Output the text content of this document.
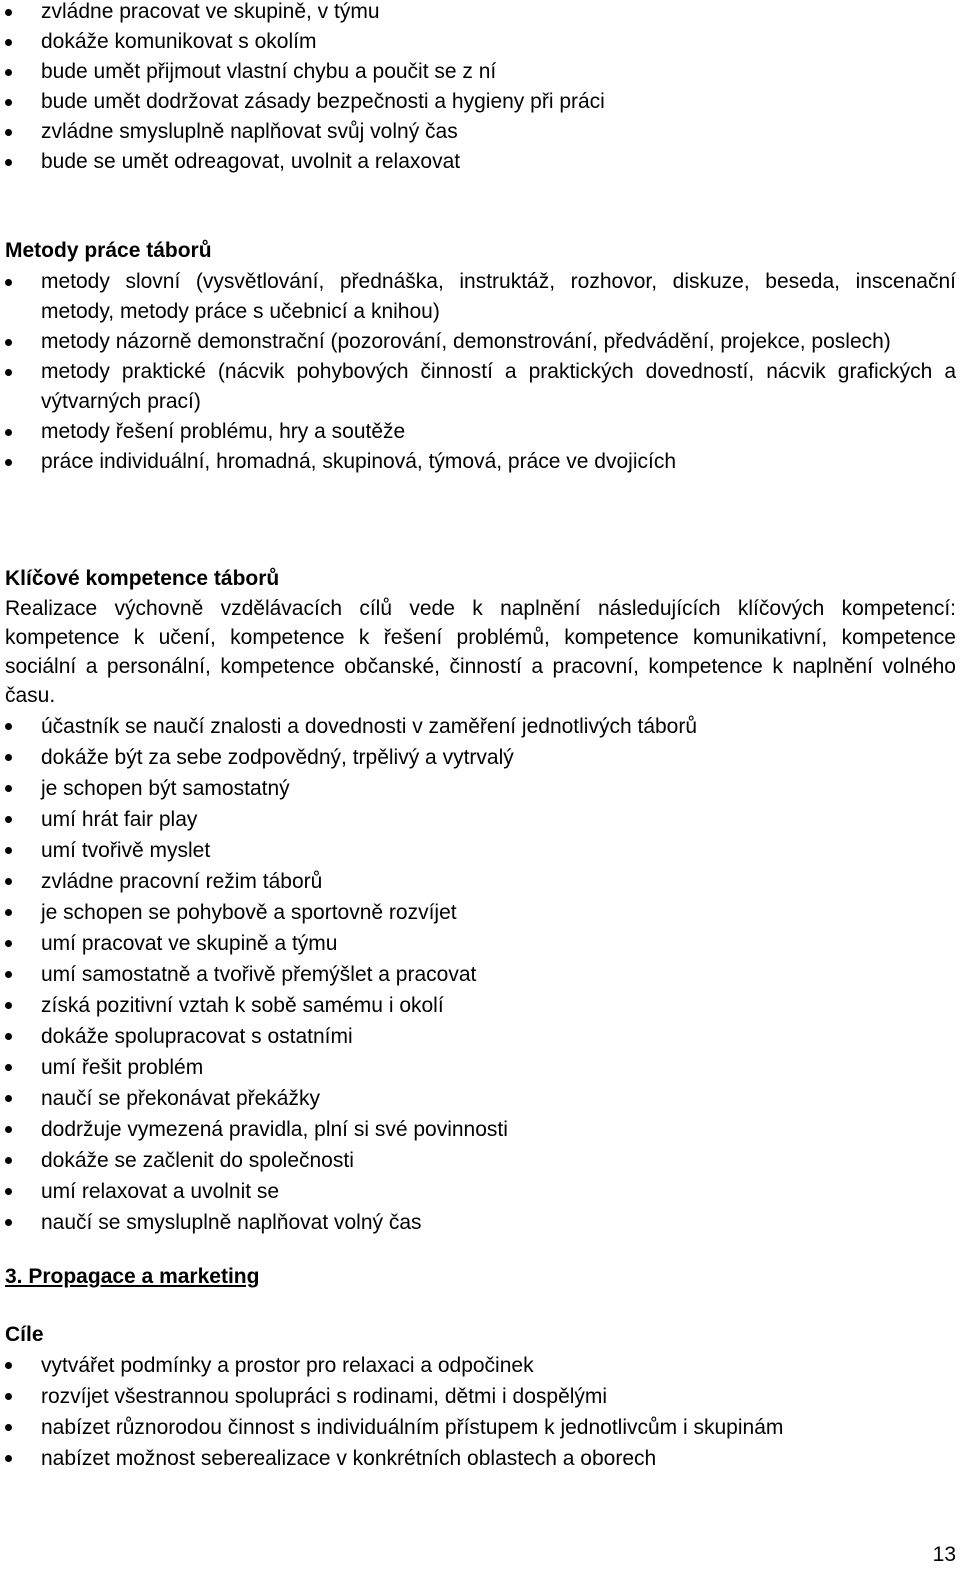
zvládne pracovat ve skupině, v týmu
dokáže komunikovat s okolím
bude umět přijmout vlastní chybu a poučit se z ní
bude umět dodržovat zásady bezpečnosti a hygieny při práci
zvládne smysluplně naplňovat svůj volný čas
bude se umět odreagovat, uvolnit a relaxovat
Metody práce táborů
metody slovní (vysvětlování, přednáška, instruktáž, rozhovor, diskuze, beseda, inscenační metody, metody práce s učebnicí a knihou)
metody názorně demonstrační (pozorování, demonstrování, předvádění, projekce, poslech)
metody praktické (nácvik pohybových činností a praktických dovedností, nácvik grafických a výtvarných prací)
metody řešení problému, hry a soutěže
práce individuální, hromadná, skupinová, týmová, práce ve dvojicích
Klíčové kompetence táborů

Realizace výchovně vzdělávacích cílů vede k naplnění následujících klíčových kompetencí: kompetence k učení, kompetence k řešení problémů, kompetence komunikativní, kompetence sociální a personální, kompetence občanské, činností a pracovní, kompetence k naplnění volného času.

účastník se naučí znalosti a dovednosti v zaměření jednotlivých táborů
dokáže být za sebe zodpovědný, trpělivý a vytrvalý
je schopen být samostatný
umí hrát fair play
umí tvořivě myslet
zvládne pracovní režim táborů
je schopen se pohybově a sportovně rozvíjet
umí pracovat ve skupině a týmu
umí samostatně a tvořivě přemýšlet a pracovat
získá pozitivní vztah k sobě samému i okolí
dokáže spolupracovat s ostatními
umí řešit problém
naučí se překonávat překážky
dodržuje vymezená pravidla, plní si své povinnosti
dokáže se začlenit do společnosti
umí relaxovat a uvolnit se
naučí se smysluplně naplňovat volný čas
3. Propagace a marketing
Cíle
vytvářet podmínky a prostor pro relaxaci a odpočinek
rozvíjet všestrannou spolupráci s rodinami, dětmi i dospělými
nabízet různorodou činnost s individuálním přístupem k jednotlivcům i skupinám
nabízet možnost seberealizace v konkrétních oblastech a oborech
13
